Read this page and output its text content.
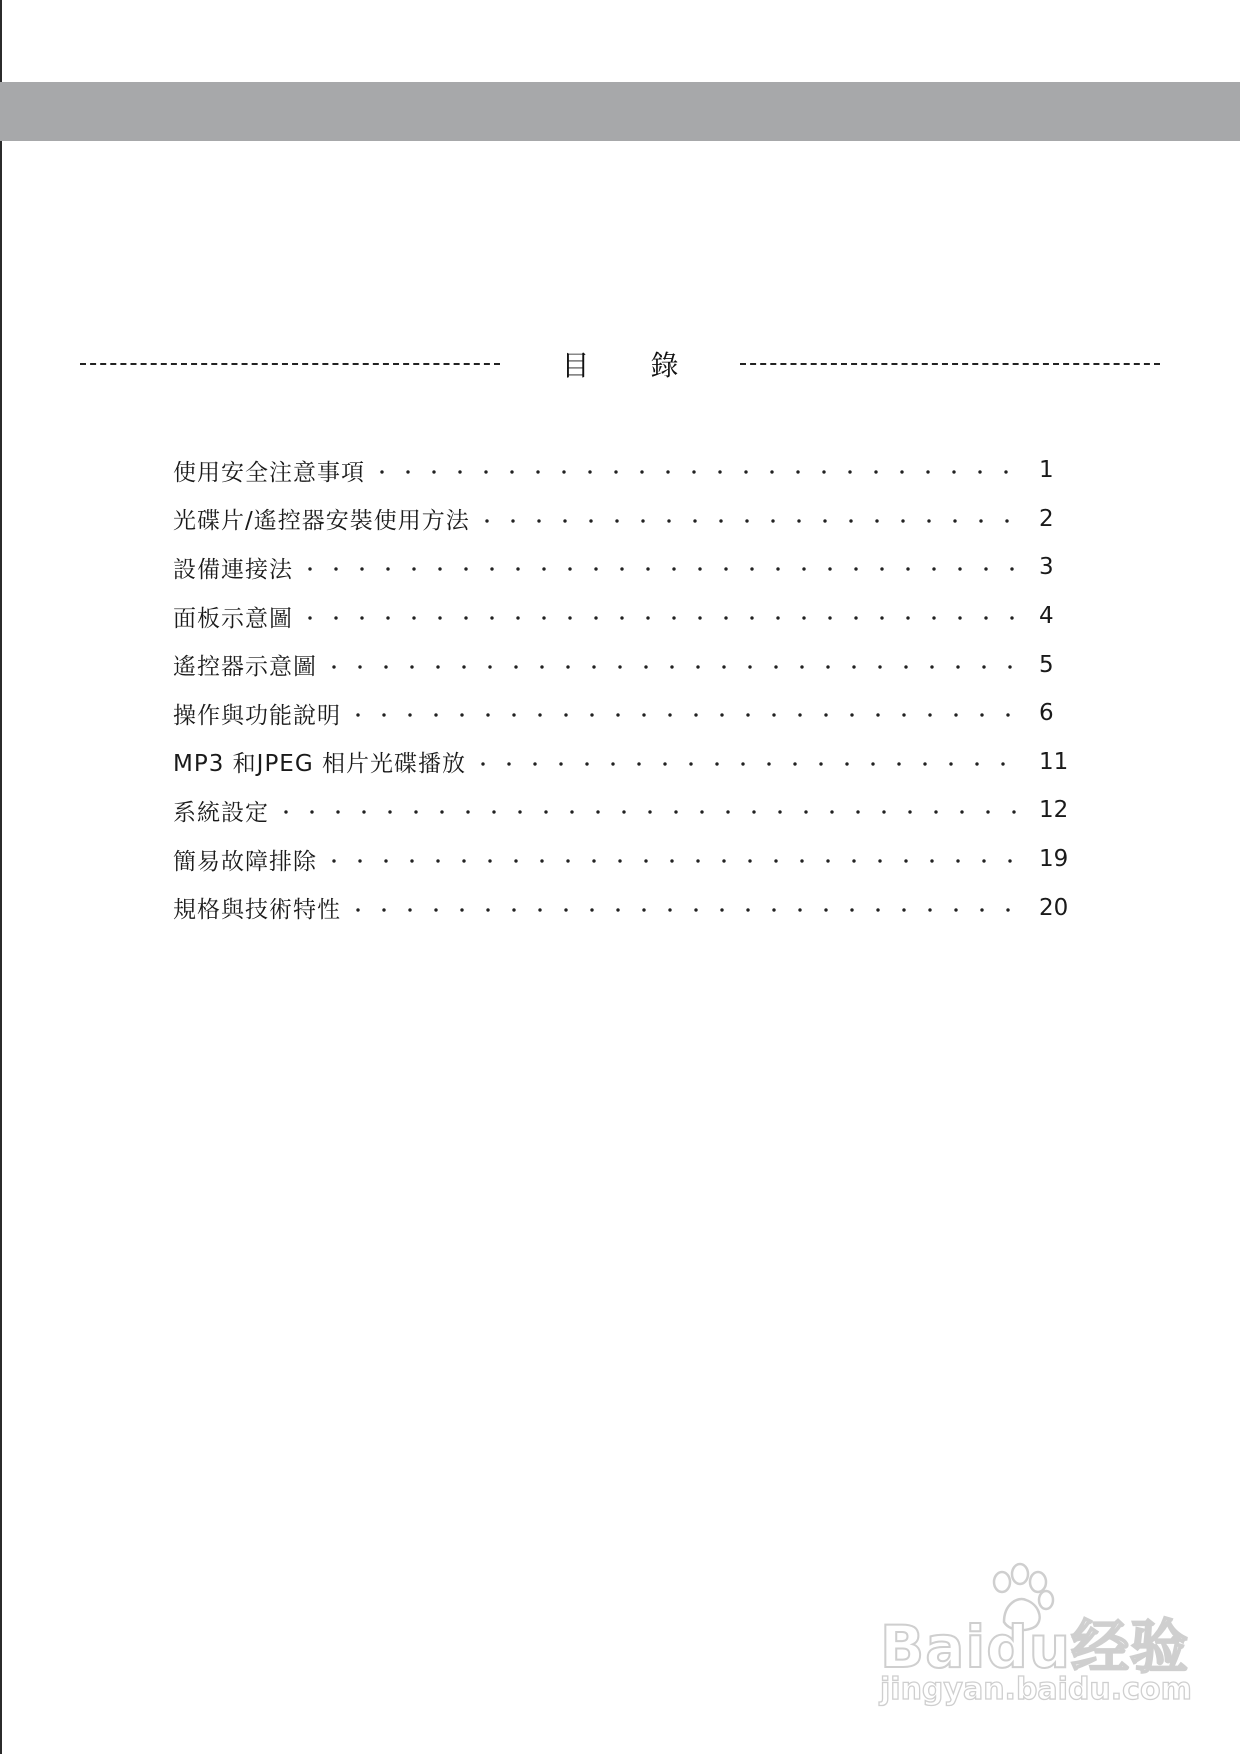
目 錄
使用安全注意事項	1
光碟片/遙控器安裝使用方法	2
設備連接法	3
面板示意圖	4
遙控器示意圖	5
操作與功能說明	6
MP3 和JPEG 相片光碟播放	11
系統設定	12
簡易故障排除	19
規格與技術特性	20
Baidu经验
jingyan.baidu.com
